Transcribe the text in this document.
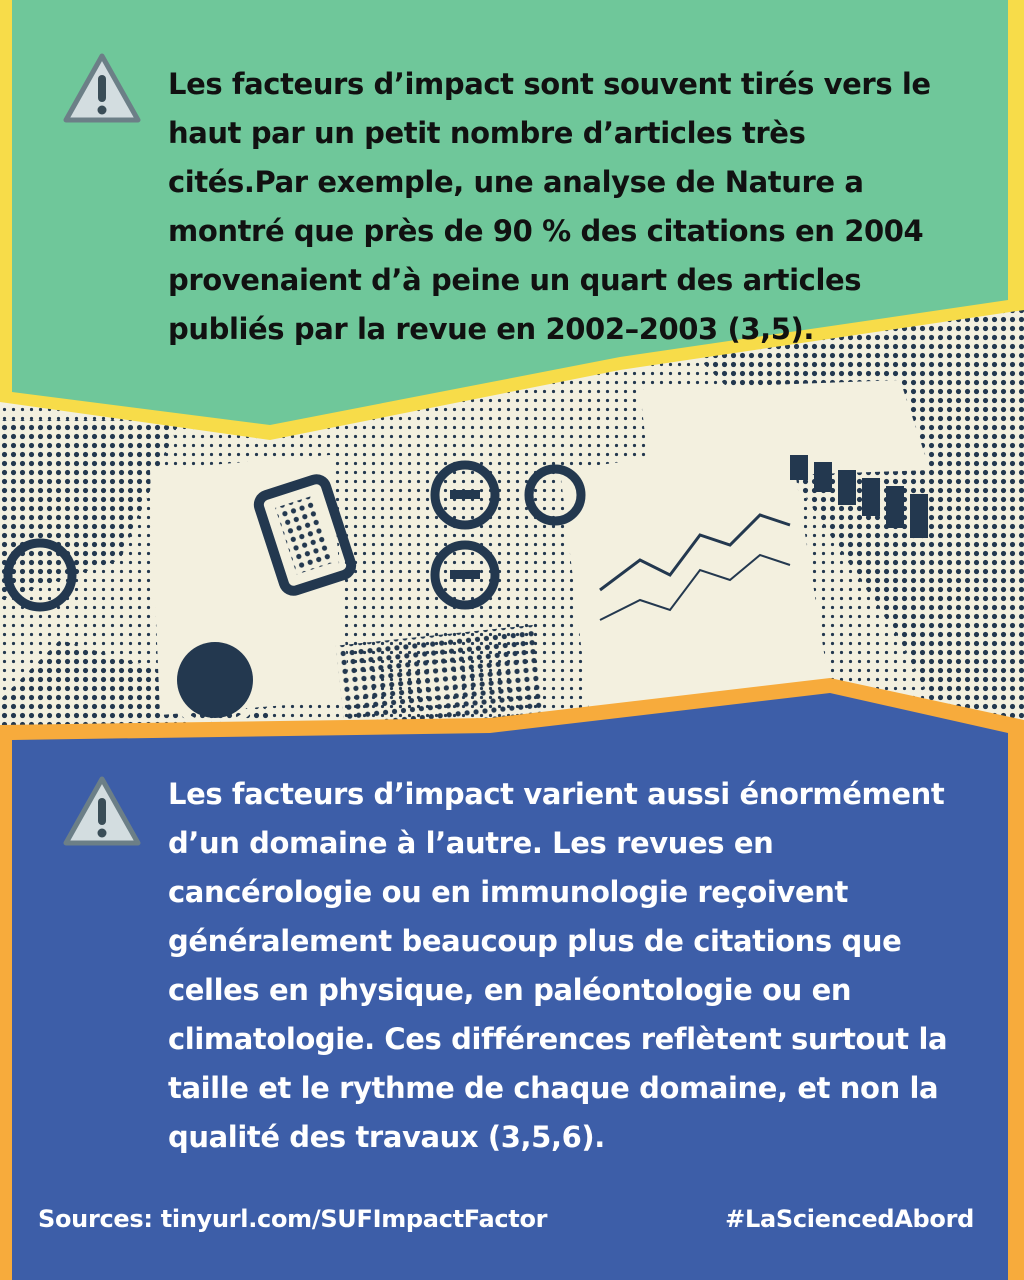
Les facteurs d’impact sont souvent tirés vers le haut par un petit nombre d’articles très cités.Par exemple, une analyse de Nature a montré que près de 90 % des citations en 2004 provenaient d’à peine un quart des articles publiés par la revue en 2002–2003 (3,5).

Les facteurs d’impact varient aussi énormément d’un domaine à l’autre. Les revues en cancérologie ou en immunologie reçoivent généralement beaucoup plus de citations que celles en physique, en paléontologie ou en climatologie. Ces différences reflètent surtout la taille et le rythme de chaque domaine, et non la qualité des travaux (3,5,6).

Sources: tinyurl.com/SUFImpactFactor	#LaSciencedAbord
